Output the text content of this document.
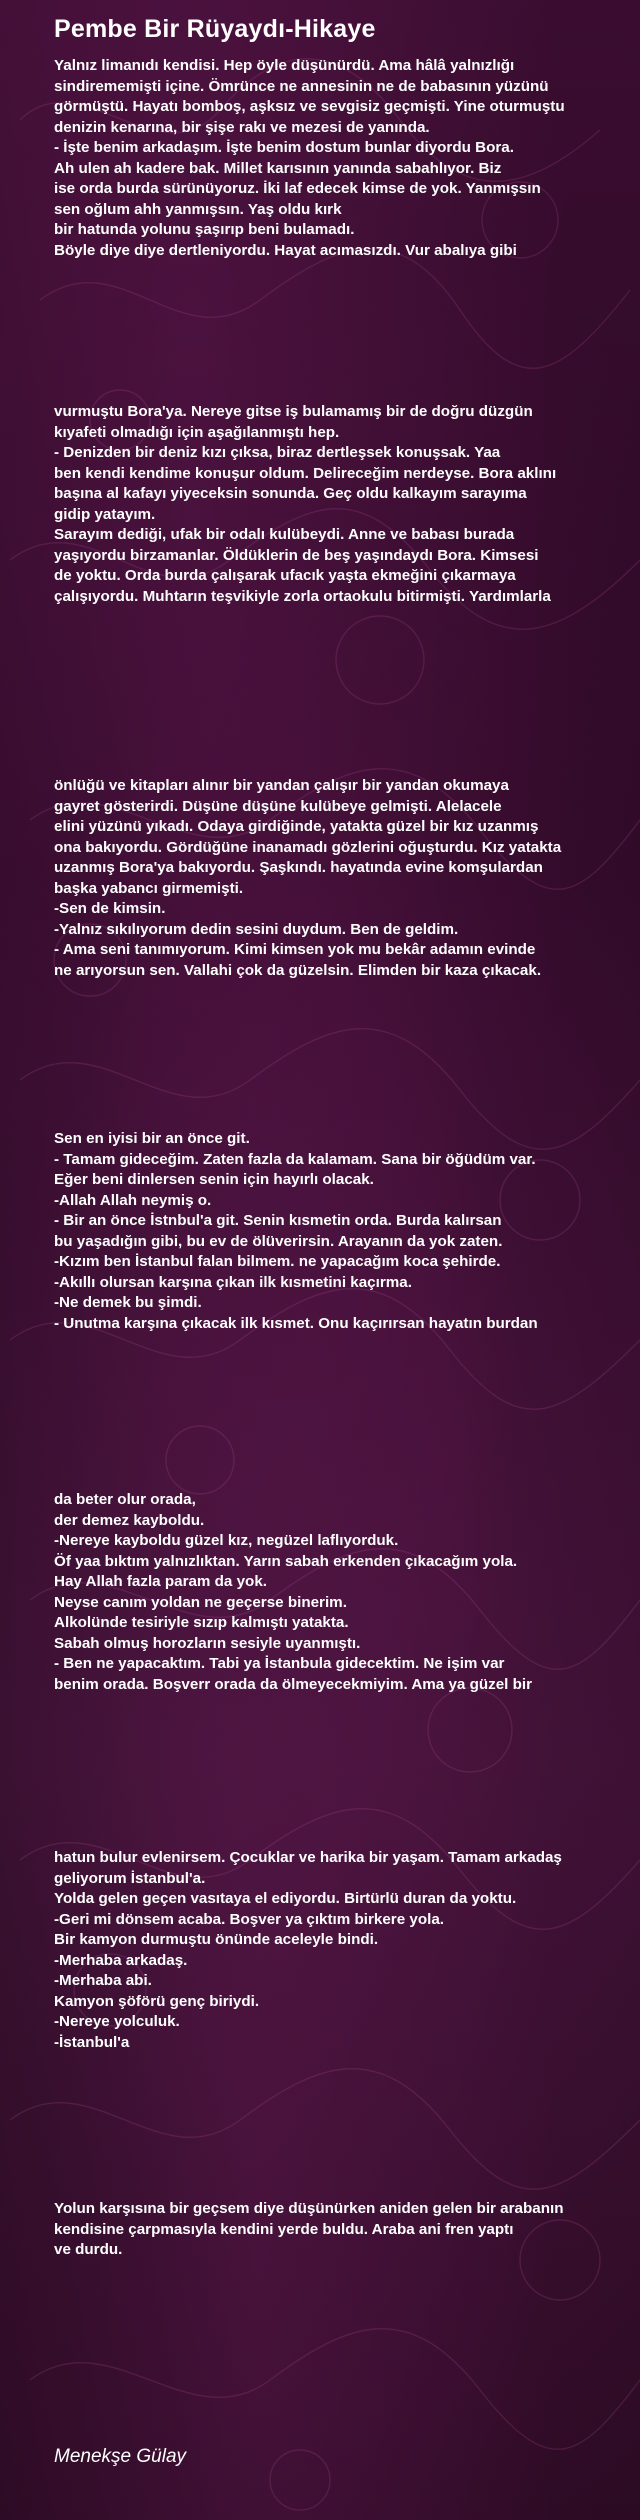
Pembe Bir Rüyaydı-Hikaye
Yalnız limanıdı kendisi. Hep öyle düşünürdü. Ama hâlâ yalnızlığı
sindirememişti içine. Ömrünce ne annesinin ne de babasının yüzünü
görmüştü. Hayatı bomboş, aşksız ve sevgisiz geçmişti. Yine oturmuştu
denizin kenarına, bir şişe rakı ve mezesi de yanında.
- İşte benim arkadaşım. İşte benim dostum bunlar diyordu Bora.
Ah ulen ah kadere bak. Millet karısının yanında sabahlıyor. Biz
ise orda burda sürünüyoruz. İki laf edecek kimse de yok. Yanmışsın
sen oğlum ahh yanmışsın. Yaş oldu kırk
bir hatunda yolunu şaşırıp beni bulamadı.
Böyle diye diye dertleniyordu. Hayat acımasızdı. Vur abalıya gibi
vurmuştu Bora'ya. Nereye gitse iş bulamamış bir de doğru düzgün
kıyafeti olmadığı için aşağılanmıştı hep.
- Denizden bir deniz kızı çıksa, biraz dertleşsek konuşsak. Yaa
ben kendi kendime konuşur oldum. Delireceğim nerdeyse. Bora aklını
başına al kafayı yiyeceksin sonunda. Geç oldu kalkayım sarayıma
gidip yatayım.
Sarayım dediği, ufak bir odalı kulübeydi. Anne ve babası burada
yaşıyordu birzamanlar. Öldüklerin de beş yaşındaydı Bora. Kimsesi
de yoktu. Orda burda çalışarak ufacık yaşta ekmeğini çıkarmaya
çalışıyordu. Muhtarın teşvikiyle zorla ortaokulu bitirmişti. Yardımlarla
önlüğü ve kitapları alınır bir yandan çalışır bir yandan okumaya
gayret gösterirdi. Düşüne düşüne kulübeye gelmişti. Alelacele
elini yüzünü yıkadı. Odaya girdiğinde, yatakta güzel bir kız uzanmış
ona bakıyordu. Gördüğüne inanamadı gözlerini oğuşturdu. Kız yatakta
uzanmış Bora'ya bakıyordu. Şaşkındı. hayatında evine komşulardan
başka yabancı girmemişti.
-Sen de kimsin.
-Yalnız sıkılıyorum dedin sesini duydum. Ben de geldim.
- Ama seni tanımıyorum. Kimi kimsen yok mu bekâr adamın evinde
ne arıyorsun sen. Vallahi çok da güzelsin. Elimden bir kaza çıkacak.
Sen en iyisi bir an önce git.
- Tamam gideceğim. Zaten fazla da kalamam. Sana bir öğüdüm var.
Eğer beni dinlersen senin için hayırlı olacak.
-Allah Allah neymiş o.
- Bir an önce İstnbul'a git. Senin kısmetin orda. Burda kalırsan
bu yaşadığın gibi, bu ev de ölüverirsin. Arayanın da yok zaten.
-Kızım ben İstanbul falan bilmem. ne yapacağım koca şehirde.
-Akıllı olursan karşına çıkan ilk kısmetini kaçırma.
-Ne demek bu şimdi.
- Unutma karşına çıkacak ilk kısmet. Onu kaçırırsan hayatın burdan
da beter olur orada,
der demez kayboldu.
-Nereye kayboldu güzel kız, negüzel laflıyorduk.
Öf yaa bıktım yalnızlıktan. Yarın sabah erkenden çıkacağım yola.
Hay Allah fazla param da yok.
Neyse canım yoldan ne geçerse binerim.
Alkolünde tesiriyle sızıp kalmıştı yatakta.
Sabah olmuş horozların sesiyle uyanmıştı.
- Ben ne yapacaktım. Tabi ya İstanbula gidecektim. Ne işim var
benim orada. Boşverr orada da ölmeyecekmiyim. Ama ya güzel bir
hatun bulur evlenirsem. Çocuklar ve harika bir yaşam. Tamam arkadaş
geliyorum İstanbul'a.
Yolda gelen geçen vasıtaya el ediyordu. Birtürlü duran da yoktu.
-Geri mi dönsem acaba. Boşver ya çıktım birkere yola.
Bir kamyon durmuştu önünde aceleyle bindi.
-Merhaba arkadaş.
-Merhaba abi.
Kamyon şöförü genç biriydi.
-Nereye yolculuk.
-İstanbul'a
Yolun karşısına bir geçsem diye düşünürken aniden gelen bir arabanın
kendisine çarpmasıyla kendini yerde buldu. Araba ani fren yaptı
ve durdu.
Menekşe Gülay
